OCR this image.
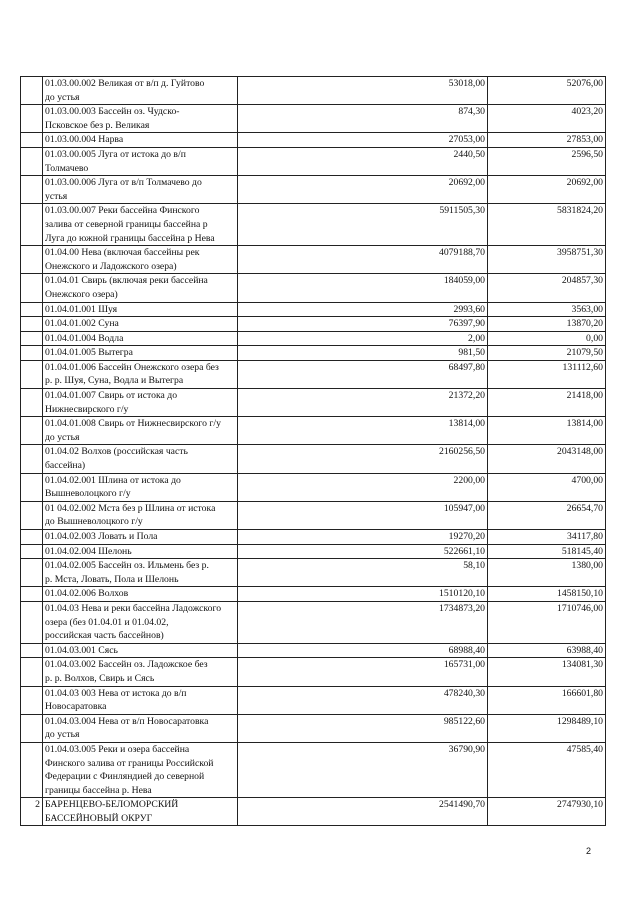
	01.03.00.002 Великая от в/п д. Гуйтово
до устья	53018,00	52076,00

	01.03.00.003 Бассейн оз. Чудско-
Псковское без р. Великая	874,30	4023,20

	01.03.00.004 Нарва	27053,00	27853,00

	01.03.00.005 Луга от истока до в/п
Толмачево	2440,50	2596,50

	01.03.00.006 Луга от в/п Толмачево до
устья	20692,00	20692,00

	01.03.00.007 Реки бассейна Финского
залива от северной границы бассейна р
Луга до южной границы бассейна р Нева	5911505,30	5831824,20

	01.04.00 Нева (включая бассейны рек
Онежского и Ладожского озера)	4079188,70	3958751,30

	01.04.01 Свирь (включая реки бассейна
Онежского озера)	184059,00	204857,30

	01.04.01.001 Шуя	2993,60	3563,00

	01.04.01.002 Суна	76397,90	13870,20

	01.04.01.004 Водла	2,00	0,00

	01.04.01.005 Вытегра	981,50	21079,50

	01.04.01.006 Бассейн Онежского озера без
р. р. Шуя, Суна, Водла и Вытегра	68497,80	131112,60

	01.04.01.007 Свирь от истока до
Нижнесвирского г/у	21372,20	21418,00

	01.04.01.008 Свирь от Нижнесвирского г/у
до устья	13814,00	13814,00

	01.04.02 Волхов (российская часть
бассейна)	2160256,50	2043148,00

	01.04.02.001 Шлина от истока до
Вышневолоцкого г/у	2200,00	4700,00

	01 04.02.002 Мста без р Шлина от истока
до Вышневолоцкого г/у	105947,00	26654,70

	01.04.02.003 Ловать и Пола	19270,20	34117,80

	01.04.02.004 Шелонь	522661,10	518145,40

	01.04.02.005 Бассейн оз. Ильмень без р.
р. Мста, Ловать, Пола и Шелонь	58,10	1380,00

	01.04.02.006 Волхов	1510120,10	1458150,10

	01.04.03 Нева и реки бассейна Ладожского
озера (без 01.04.01 и 01.04.02,
российская часть бассейнов)	1734873,20	1710746,00

	01.04.03.001 Сясь	68988,40	63988,40

	01.04.03.002 Бассейн оз. Ладожское без
р. р. Волхов, Свирь и Сясь	165731,00	134081,30

	01.04.03 003 Нева от истока до в/п
Новосаратовка	478240,30	166601,80

	01.04.03.004 Нева от в/п Новосаратовка
до устья	985122,60	1298489,10

	01.04.03.005 Реки и озера бассейна
Финского залива от границы Российской
Федерации с Финляндией до северной
границы бассейна р. Нева	36790,90	47585,40
2	БАРЕНЦЕВО-БЕЛОМОРСКИЙ БАССЕЙНОВЫЙ ОКРУГ	2541490,70	2747930,10
2
